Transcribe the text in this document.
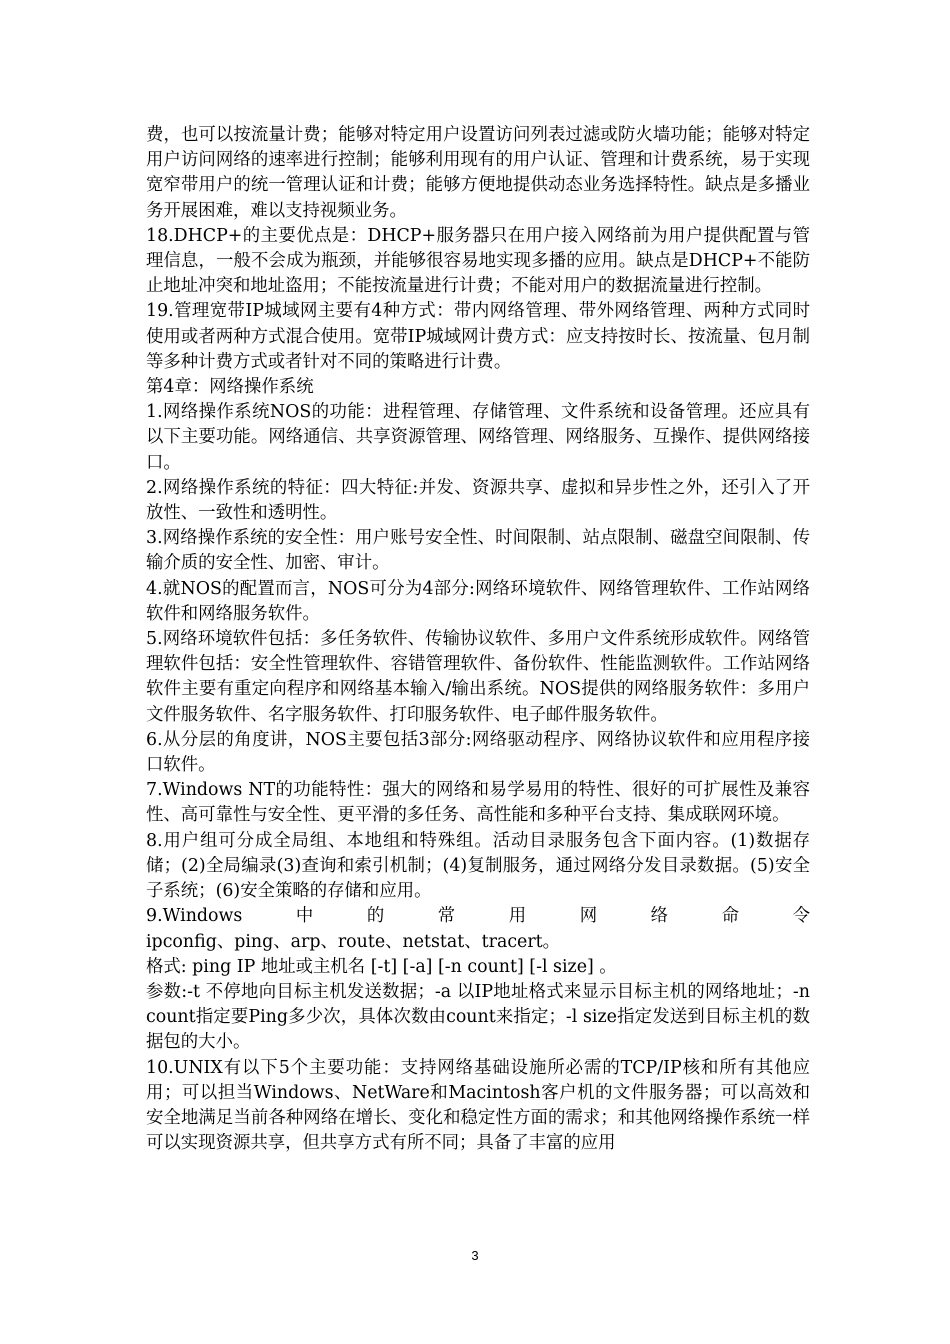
费，也可以按流量计费；能够对特定用户设置访问列表过滤或防火墙功能；能够对特定用户访问网络的速率进行控制；能够利用现有的用户认证、管理和计费系统，易于实现宽窄带用户的统一管理认证和计费；能够方便地提供动态业务选择特性。缺点是多播业务开展困难，难以支持视频业务。

18.DHCP+的主要优点是：DHCP+服务器只在用户接入网络前为用户提供配置与管理信息，一般不会成为瓶颈，并能够很容易地实现多播的应用。缺点是DHCP+不能防止地址冲突和地址盗用；不能按流量进行计费；不能对用户的数据流量进行控制。

19.管理宽带IP城域网主要有4种方式：带内网络管理、带外网络管理、两种方式同时使用或者两种方式混合使用。宽带IP城域网计费方式：应支持按时长、按流量、包月制等多种计费方式或者针对不同的策略进行计费。

第4章：网络操作系统

1.网络操作系统NOS的功能：进程管理、存储管理、文件系统和设备管理。还应具有以下主要功能。网络通信、共享资源管理、网络管理、网络服务、互操作、提供网络接口。

2.网络操作系统的特征：四大特征:并发、资源共享、虚拟和异步性之外，还引入了开放性、一致性和透明性。

3.网络操作系统的安全性：用户账号安全性、时间限制、站点限制、磁盘空间限制、传输介质的安全性、加密、审计。

4.就NOS的配置而言，NOS可分为4部分:网络环境软件、网络管理软件、工作站网络软件和网络服务软件。

5.网络环境软件包括：多任务软件、传输协议软件、多用户文件系统形成软件。网络管理软件包括：安全性管理软件、容错管理软件、备份软件、性能监测软件。工作站网络软件主要有重定向程序和网络基本输入/输出系统。NOS提供的网络服务软件：多用户文件服务软件、名字服务软件、打印服务软件、电子邮件服务软件。

6.从分层的角度讲，NOS主要包括3部分:网络驱动程序、网络协议软件和应用程序接口软件。

7.Windows NT的功能特性：强大的网络和易学易用的特性、很好的可扩展性及兼容性、高可靠性与安全性、更平滑的多任务、高性能和多种平台支持、集成联网环境。

8.用户组可分成全局组、本地组和特殊组。活动目录服务包含下面内容。(1)数据存储；(2)全局编录(3)查询和索引机制；(4)复制服务，通过网络分发目录数据。(5)安全子系统；(6)安全策略的存储和应用。

9.Windows	中	的	常	用	网	络	命	令

ipconfig、ping、arp、route、netstat、tracert。

格式: ping IP 地址或主机名 [-t] [-a] [-n count] [-l size] 。

参数:-t 不停地向目标主机发送数据；-a 以IP地址格式来显示目标主机的网络地址；-n count指定要Ping多少次，具体次数由count来指定；-l size指定发送到目标主机的数据包的大小。

10.UNIX有以下5个主要功能：支持网络基础设施所必需的TCP/IP核和所有其他应用；可以担当Windows、NetWare和Macintosh客户机的文件服务器；可以高效和安全地满足当前各种网络在增长、变化和稳定性方面的需求；和其他网络操作系统一样可以实现资源共享，但共享方式有所不同；具备了丰富的应用

3
